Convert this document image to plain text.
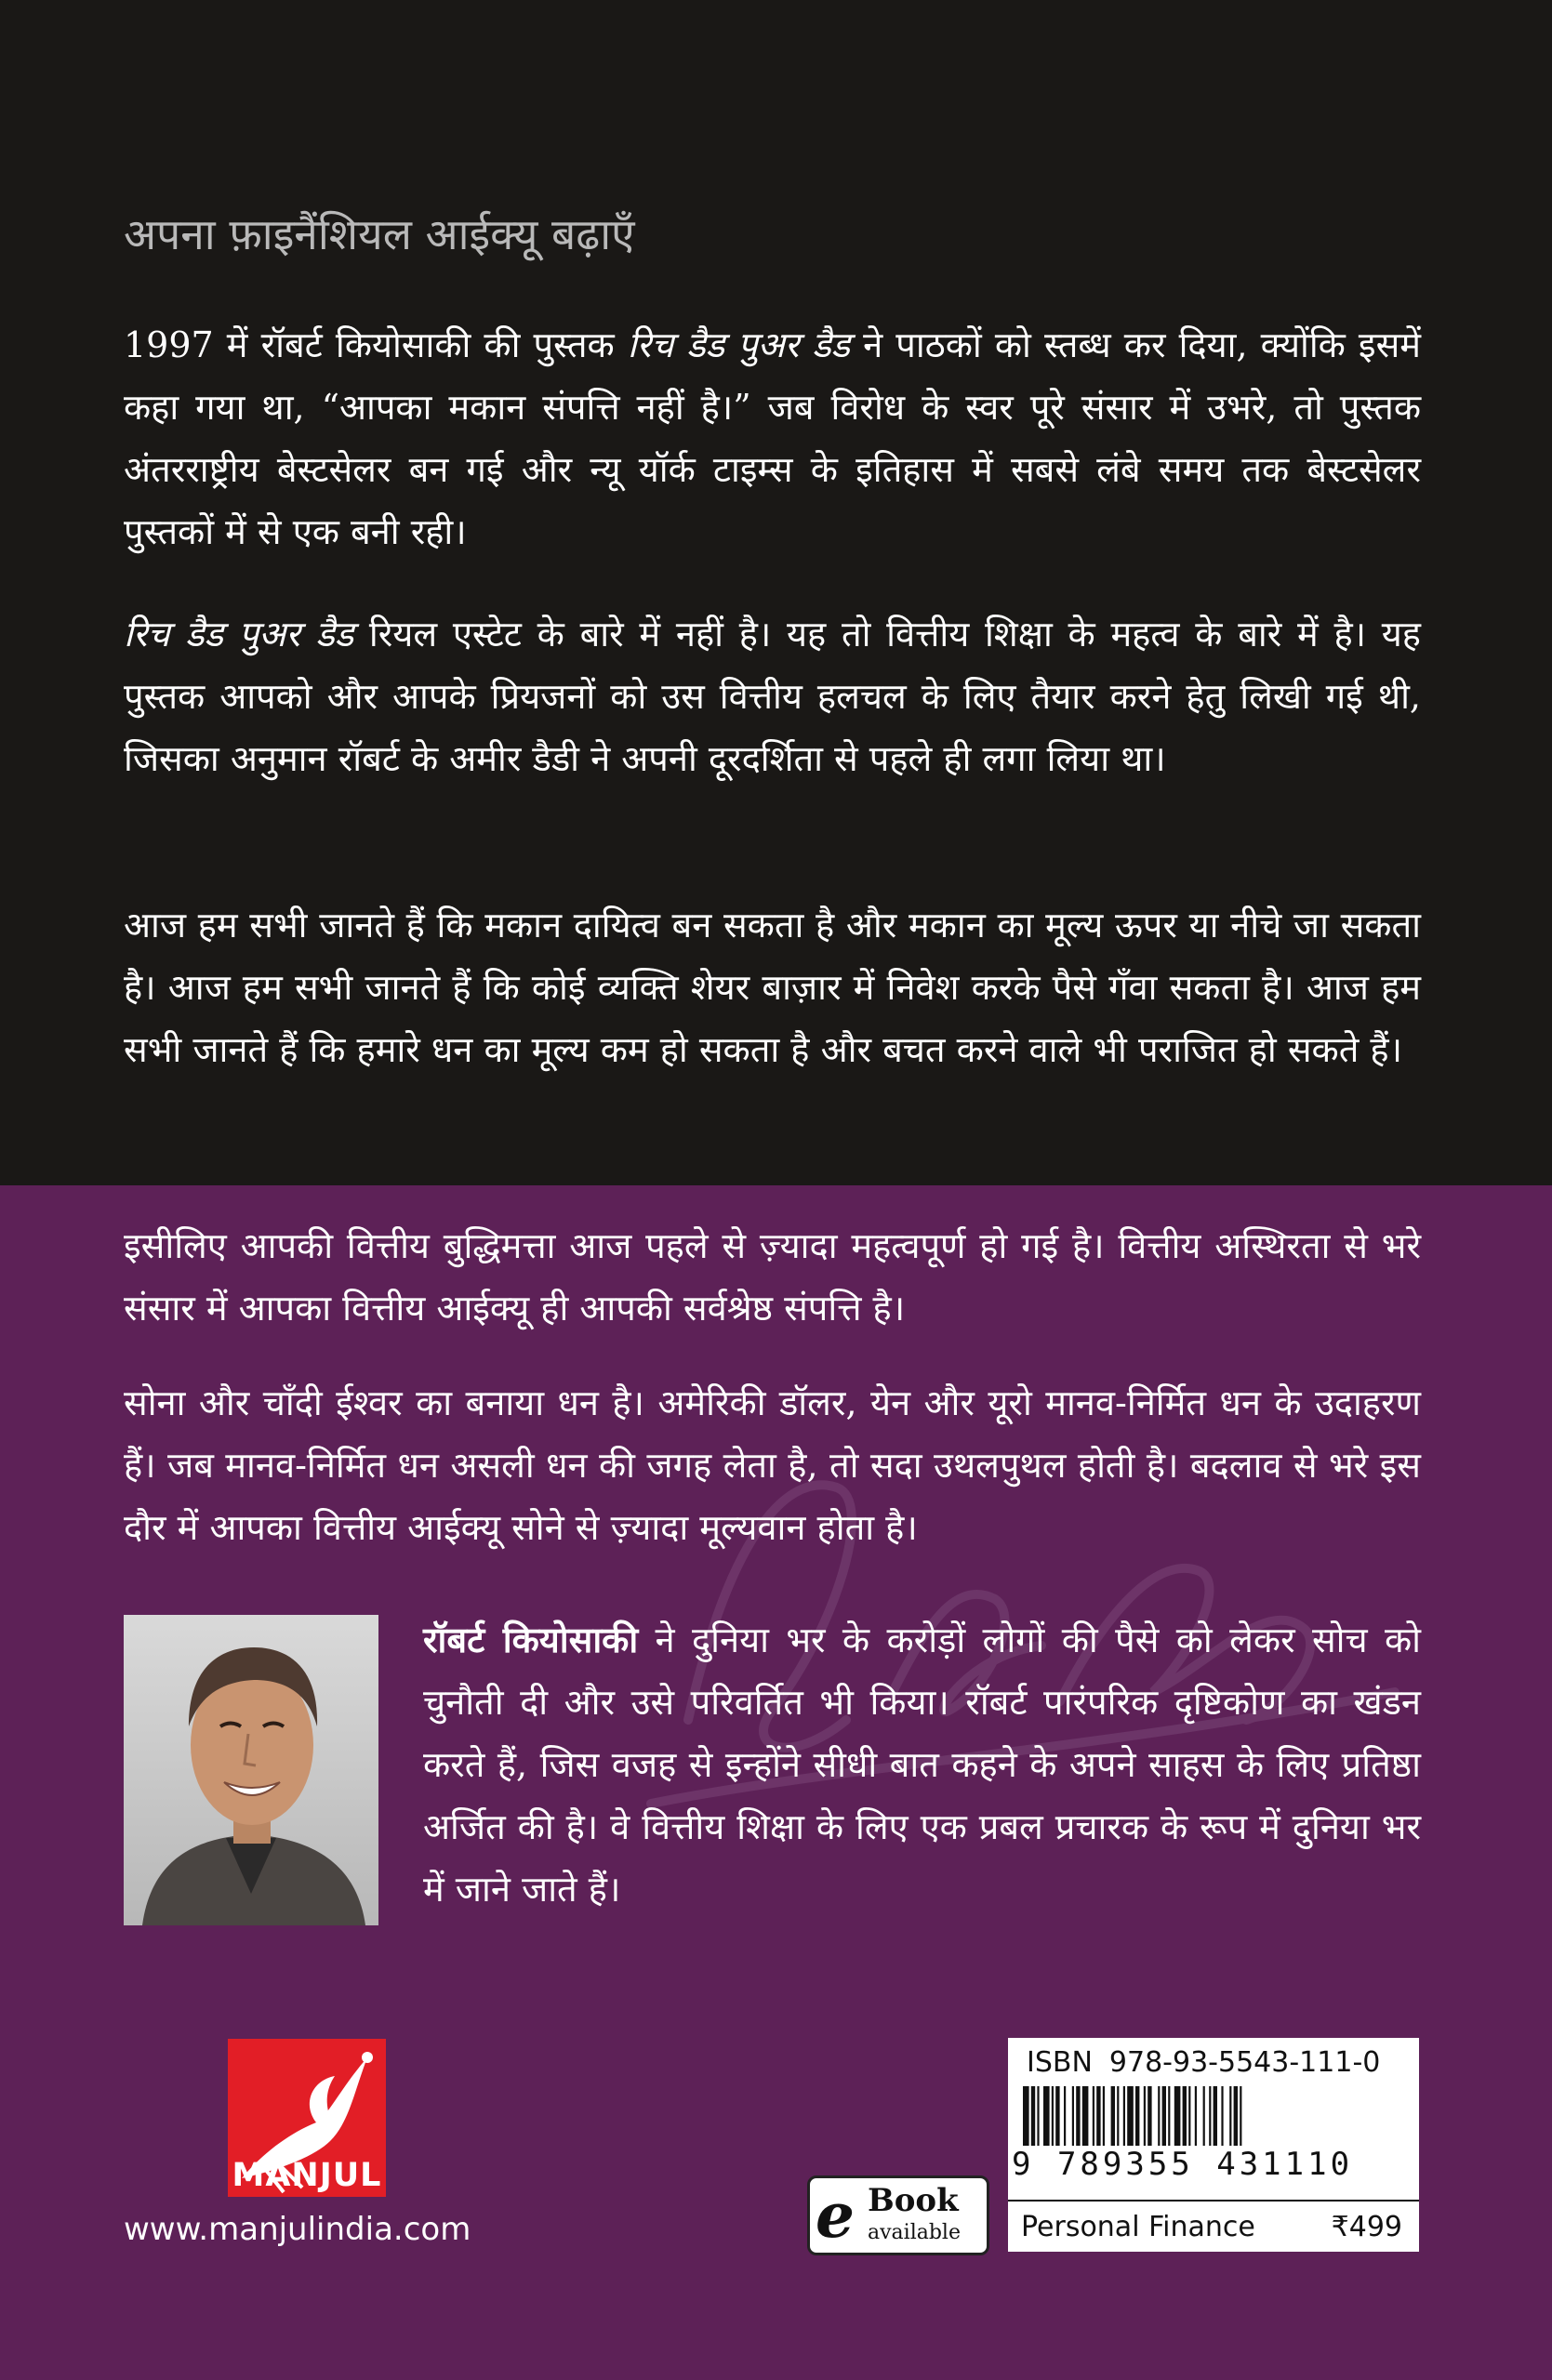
अपना फ़ाइनैंशियल आईक्यू बढ़ाएँ

1997 में रॉबर्ट कियोसाकी की पुस्तक रिच डैड पुअर डैड ने पाठकों को स्तब्ध कर दिया, क्योंकि इसमें कहा गया था, “आपका मकान संपत्ति नहीं है।” जब विरोध के स्वर पूरे संसार में उभरे, तो पुस्तक अंतरराष्ट्रीय बेस्टसेलर बन गई और न्यू यॉर्क टाइम्स के इतिहास में सबसे लंबे समय तक बेस्टसेलर पुस्तकों में से एक बनी रही।

रिच डैड पुअर डैड रियल एस्टेट के बारे में नहीं है। यह तो वित्तीय शिक्षा के महत्व के बारे में है। यह पुस्तक आपको और आपके प्रियजनों को उस वित्तीय हलचल के लिए तैयार करने हेतु लिखी गई थी, जिसका अनुमान रॉबर्ट के अमीर डैडी ने अपनी दूरदर्शिता से पहले ही लगा लिया था।

आज हम सभी जानते हैं कि मकान दायित्व बन सकता है और मकान का मूल्य ऊपर या नीचे जा सकता है। आज हम सभी जानते हैं कि कोई व्यक्ति शेयर बाज़ार में निवेश करके पैसे गँवा सकता है। आज हम सभी जानते हैं कि हमारे धन का मूल्य कम हो सकता है और बचत करने वाले भी पराजित हो सकते हैं।

इसीलिए आपकी वित्तीय बुद्धिमत्ता आज पहले से ज़्यादा महत्वपूर्ण हो गई है। वित्तीय अस्थिरता से भरे संसार में आपका वित्तीय आईक्यू ही आपकी सर्वश्रेष्ठ संपत्ति है।

सोना और चाँदी ईश्वर का बनाया धन है। अमेरिकी डॉलर, येन और यूरो मानव-निर्मित धन के उदाहरण हैं। जब मानव-निर्मित धन असली धन की जगह लेता है, तो सदा उथलपुथल होती है। बदलाव से भरे इस दौर में आपका वित्तीय आईक्यू सोने से ज़्यादा मूल्यवान होता है।

रॉबर्ट कियोसाकी ने दुनिया भर के करोड़ों लोगों की पैसे को लेकर सोच को चुनौती दी और उसे परिवर्तित भी किया। रॉबर्ट पारंपरिक दृष्टिकोण का खंडन करते हैं, जिस वजह से इन्होंने सीधी बात कहने के अपने साहस के लिए प्रतिष्ठा अर्जित की है। वे वित्तीय शिक्षा के लिए एक प्रबल प्रचारक के रूप में दुनिया भर में जाने जाते हैं।

MANJUL
www.manjulindia.com	e Book
available
ISBN 978-93-5543-111-0
9 789355 431110
Personal Finance	₹499
